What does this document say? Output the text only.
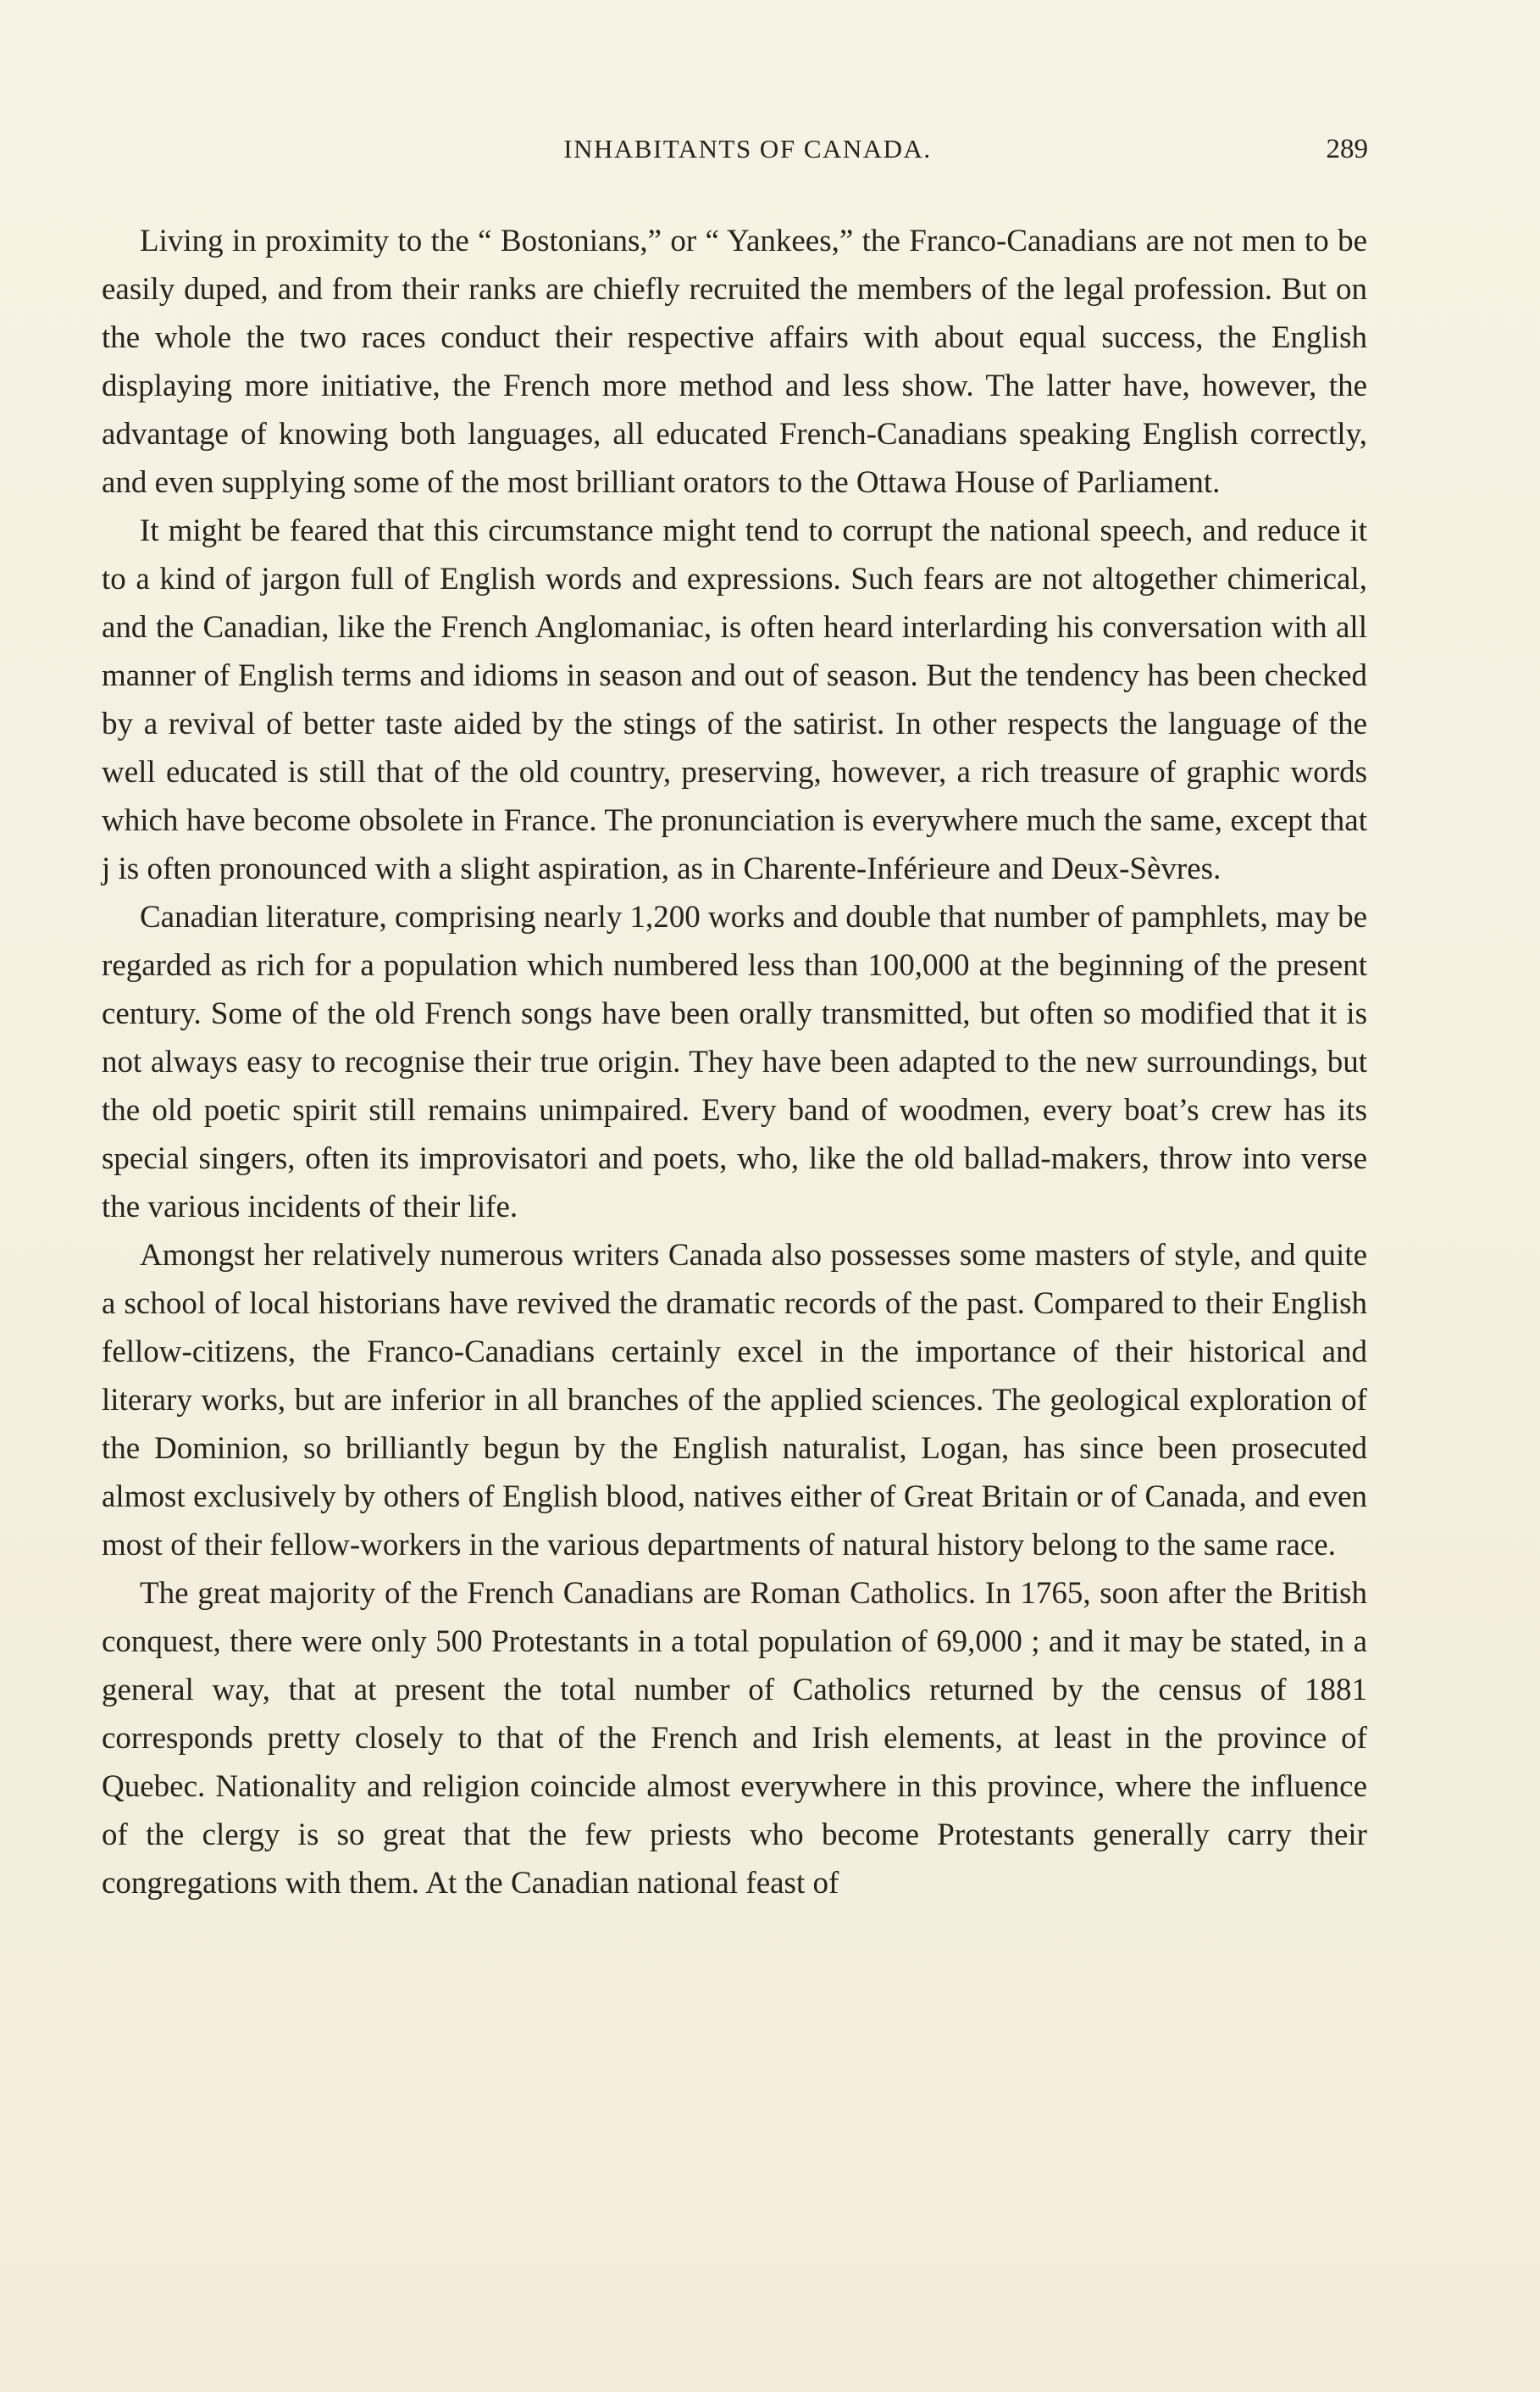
INHABITANTS OF CANADA.	289

Living in proximity to the “ Bostonians,” or “ Yankees,” the Franco-Canadians are not men to be easily duped, and from their ranks are chiefly recruited the members of the legal profession. But on the whole the two races conduct their respective affairs with about equal success, the English displaying more initiative, the French more method and less show. The latter have, however, the advantage of knowing both languages, all educated French-Canadians speaking English correctly, and even supplying some of the most brilliant orators to the Ottawa House of Parliament.

It might be feared that this circumstance might tend to corrupt the national speech, and reduce it to a kind of jargon full of English words and expressions. Such fears are not altogether chimerical, and the Canadian, like the French Anglomaniac, is often heard interlarding his conversation with all manner of English terms and idioms in season and out of season. But the tendency has been checked by a revival of better taste aided by the stings of the satirist. In other respects the language of the well educated is still that of the old country, preserving, however, a rich treasure of graphic words which have become obsolete in France. The pronunciation is everywhere much the same, except that j is often pronounced with a slight aspiration, as in Charente-Inférieure and Deux-Sèvres.

Canadian literature, comprising nearly 1,200 works and double that number of pamphlets, may be regarded as rich for a population which numbered less than 100,000 at the beginning of the present century. Some of the old French songs have been orally transmitted, but often so modified that it is not always easy to recognise their true origin. They have been adapted to the new surroundings, but the old poetic spirit still remains unimpaired. Every band of woodmen, every boat’s crew has its special singers, often its improvisatori and poets, who, like the old ballad-makers, throw into verse the various incidents of their life.

Amongst her relatively numerous writers Canada also possesses some masters of style, and quite a school of local historians have revived the dramatic records of the past. Compared to their English fellow-citizens, the Franco-Canadians certainly excel in the importance of their historical and literary works, but are inferior in all branches of the applied sciences. The geological exploration of the Dominion, so brilliantly begun by the English naturalist, Logan, has since been prosecuted almost exclusively by others of English blood, natives either of Great Britain or of Canada, and even most of their fellow-workers in the various departments of natural history belong to the same race.

The great majority of the French Canadians are Roman Catholics. In 1765, soon after the British conquest, there were only 500 Protestants in a total population of 69,000 ; and it may be stated, in a general way, that at present the total number of Catholics returned by the census of 1881 corresponds pretty closely to that of the French and Irish elements, at least in the province of Quebec. Nationality and religion coincide almost everywhere in this province, where the influence of the clergy is so great that the few priests who become Protestants generally carry their congregations with them. At the Canadian national feast of
